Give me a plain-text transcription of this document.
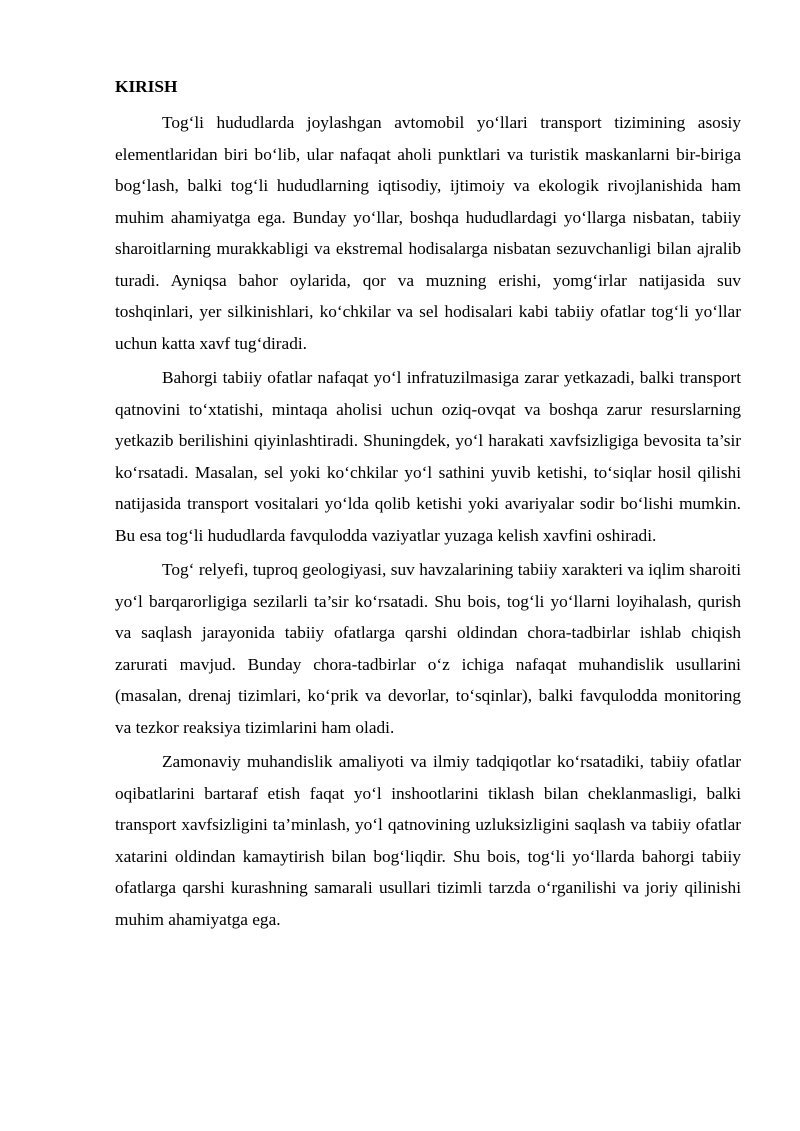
KIRISH

Tog‘li hududlarda joylashgan avtomobil yo‘llari transport tizimining asosiy elementlaridan biri bo‘lib, ular nafaqat aholi punktlari va turistik maskanlarni bir-biriga bog‘lash, balki tog‘li hududlarning iqtisodiy, ijtimoiy va ekologik rivojlanishida ham muhim ahamiyatga ega. Bunday yo‘llar, boshqa hududlardagi yo‘llarga nisbatan, tabiiy sharoitlarning murakkabligi va ekstremal hodisalarga nisbatan sezuvchanligi bilan ajralib turadi. Ayniqsa bahor oylarida, qor va muzning erishi, yomg‘irlar natijasida suv toshqinlari, yer silkinishlari, ko‘chkilar va sel hodisalari kabi tabiiy ofatlar tog‘li yo‘llar uchun katta xavf tug‘diradi.

Bahorgi tabiiy ofatlar nafaqat yo‘l infratuzilmasiga zarar yetkazadi, balki transport qatnovini to‘xtatishi, mintaqa aholisi uchun oziq-ovqat va boshqa zarur resurslarning yetkazib berilishini qiyinlashtiradi. Shuningdek, yo‘l harakati xavfsizligiga bevosita ta’sir ko‘rsatadi. Masalan, sel yoki ko‘chkilar yo‘l sathini yuvib ketishi, to‘siqlar hosil qilishi natijasida transport vositalari yo‘lda qolib ketishi yoki avariyalar sodir bo‘lishi mumkin. Bu esa tog‘li hududlarda favqulodda vaziyatlar yuzaga kelish xavfini oshiradi.

Tog‘ relyefi, tuproq geologiyasi, suv havzalarining tabiiy xarakteri va iqlim sharoiti yo‘l barqarorligiga sezilarli ta’sir ko‘rsatadi. Shu bois, tog‘li yo‘llarni loyihalash, qurish va saqlash jarayonida tabiiy ofatlarga qarshi oldindan chora-tadbirlar ishlab chiqish zarurati mavjud. Bunday chora-tadbirlar o‘z ichiga nafaqat muhandislik usullarini (masalan, drenaj tizimlari, ko‘prik va devorlar, to‘sqinlar), balki favqulodda monitoring va tezkor reaksiya tizimlarini ham oladi.

Zamonaviy muhandislik amaliyoti va ilmiy tadqiqotlar ko‘rsatadiki, tabiiy ofatlar oqibatlarini bartaraf etish faqat yo‘l inshootlarini tiklash bilan cheklanmasligi, balki transport xavfsizligini ta’minlash, yo‘l qatnovining uzluksizligini saqlash va tabiiy ofatlar xatarini oldindan kamaytirish bilan bog‘liqdir. Shu bois, tog‘li yo‘llarda bahorgi tabiiy ofatlarga qarshi kurashning samarali usullari tizimli tarzda o‘rganilishi va joriy qilinishi muhim ahamiyatga ega.
